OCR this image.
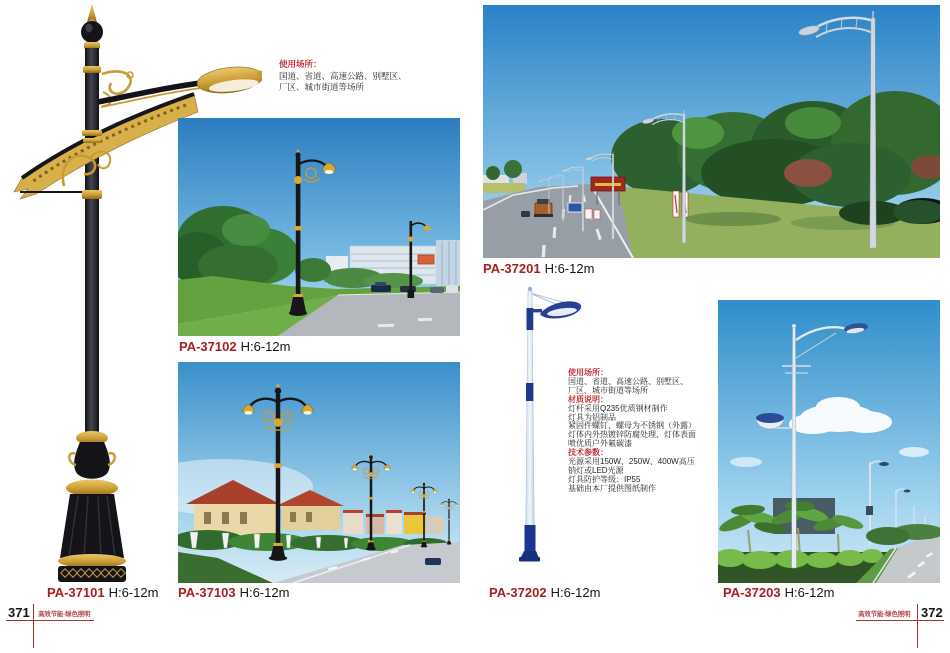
使用场所：
国道、省道、高速公路、别墅区、
厂区、城市街道等场所
PA-37102 H:6-12m
PA-37103 H:6-12m
PA-37101 H:6-12m
PA-37201 H:6-12m
PA-37202 H:6-12m
使用场所：
国道、省道、高速公路、别墅区、
厂区、城市街道等场所
材质说明：
灯杆采用Q235优质钢材制作
灯具为铝制品
紧固件螺钉、螺母为不锈钢（外露）
灯体内外热镀锌防腐处理，灯体表面
喷优质户外氟碳漆
技术参数：
光源采用150W、250W、400W高压
钠灯或LED光源
灯具防护等级：IP55
基础由本厂提供图纸制作
PA-37203 H:6-12m
371 高效节能·绿色照明	高效节能·绿色照明 372
